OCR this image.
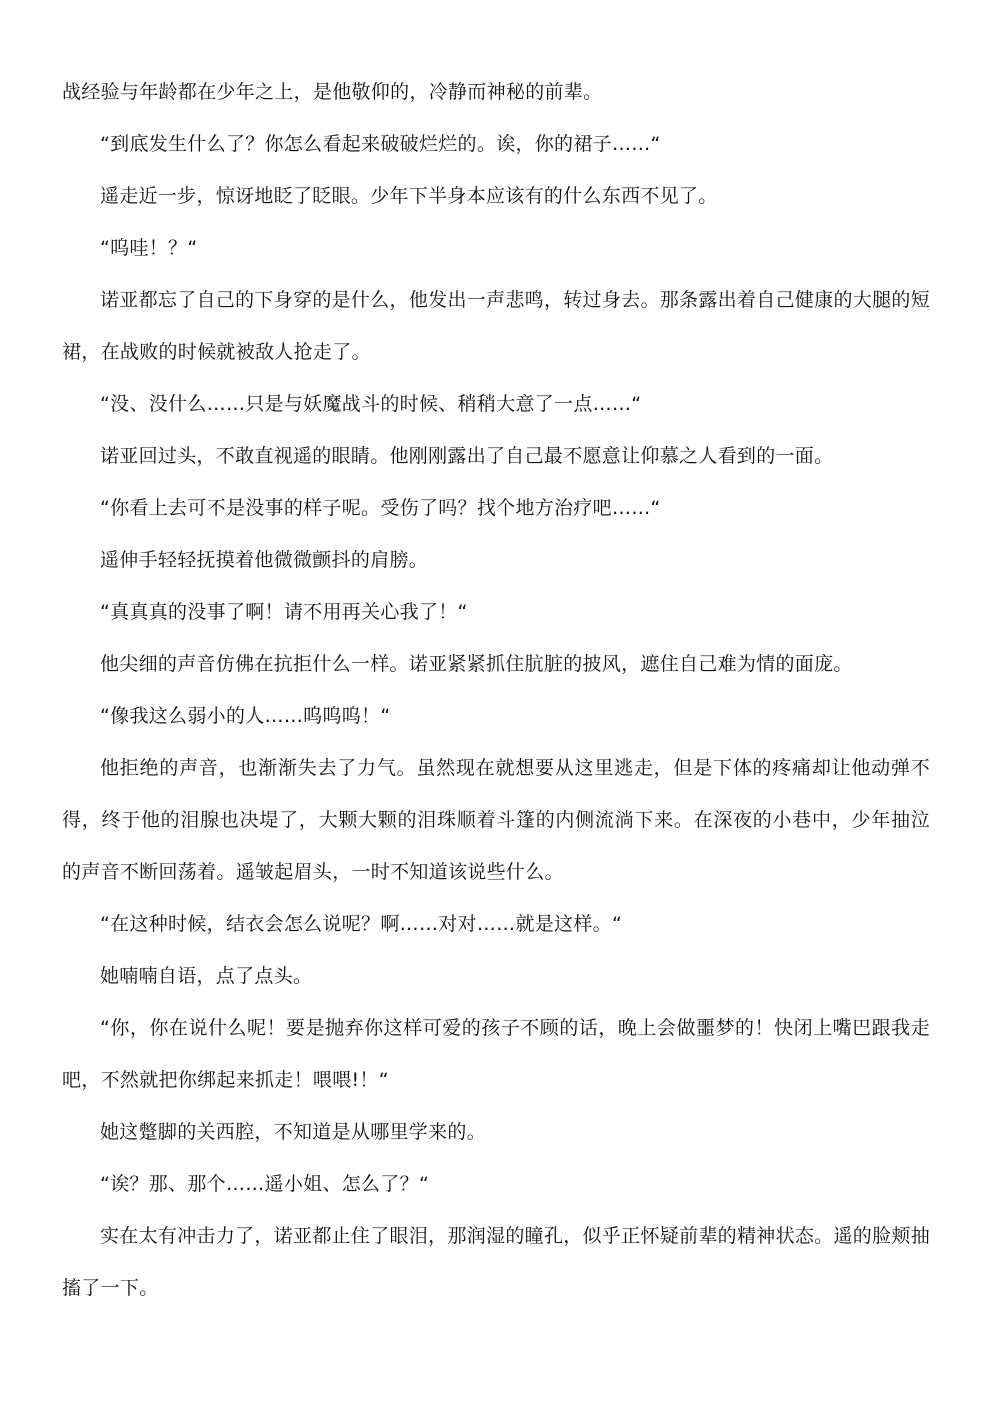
战经验与年龄都在少年之上，是他敬仰的，冷静而神秘的前辈。

“到底发生什么了？你怎么看起来破破烂烂的。诶，你的裙子……“

遥走近一步，惊讶地眨了眨眼。少年下半身本应该有的什么东西不见了。

“呜哇！？“

诺亚都忘了自己的下身穿的是什么，他发出一声悲鸣，转过身去。那条露出着自己健康的大腿的短裙，在战败的时候就被敌人抢走了。

“没、没什么……只是与妖魔战斗的时候、稍稍大意了一点……“

诺亚回过头，不敢直视遥的眼睛。他刚刚露出了自己最不愿意让仰慕之人看到的一面。

“你看上去可不是没事的样子呢。受伤了吗？找个地方治疗吧……“

遥伸手轻轻抚摸着他微微颤抖的肩膀。

“真真真的没事了啊！请不用再关心我了！“

他尖细的声音仿佛在抗拒什么一样。诺亚紧紧抓住肮脏的披风，遮住自己难为情的面庞。

“像我这么弱小的人……呜呜呜！“

他拒绝的声音，也渐渐失去了力气。虽然现在就想要从这里逃走，但是下体的疼痛却让他动弹不得，终于他的泪腺也决堤了，大颗大颗的泪珠顺着斗篷的内侧流淌下来。在深夜的小巷中，少年抽泣的声音不断回荡着。遥皱起眉头，一时不知道该说些什么。

“在这种时候，结衣会怎么说呢？啊……对对……就是这样。“

她喃喃自语，点了点头。

“你，你在说什么呢！要是抛弃你这样可爱的孩子不顾的话，晚上会做噩梦的！快闭上嘴巴跟我走吧，不然就把你绑起来抓走！喂喂!！“

她这蹩脚的关西腔，不知道是从哪里学来的。

“诶？那、那个……遥小姐、怎么了？“

实在太有冲击力了，诺亚都止住了眼泪，那润湿的瞳孔，似乎正怀疑前辈的精神状态。遥的脸颊抽搐了一下。
